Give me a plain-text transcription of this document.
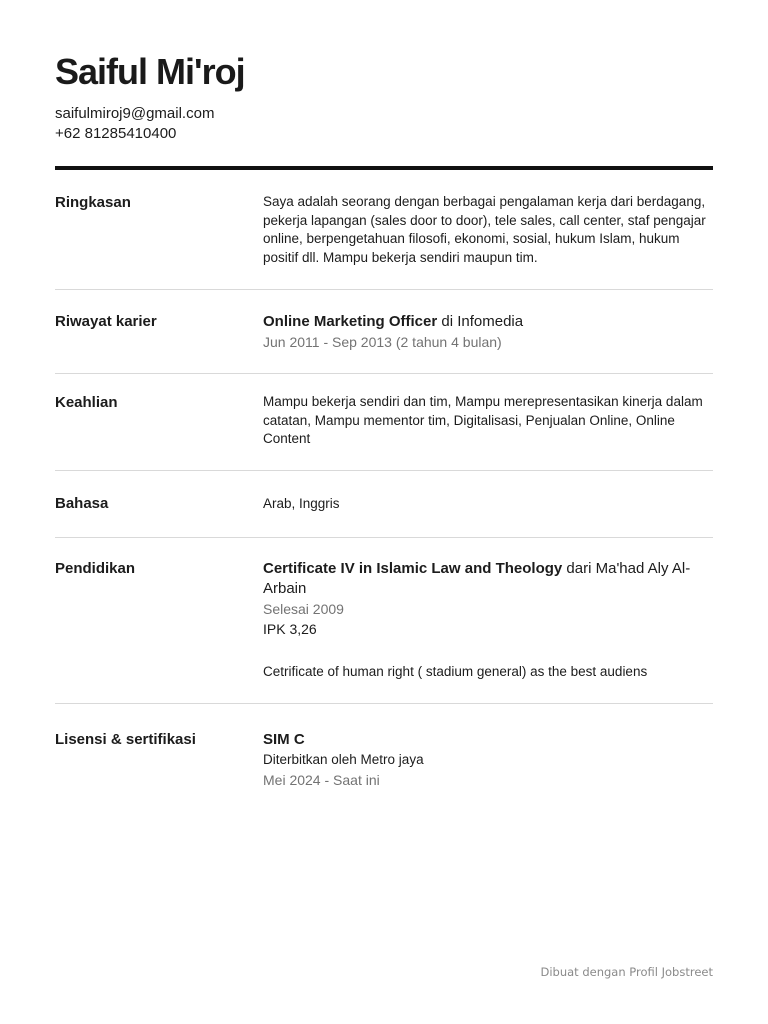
Saiful Mi'roj
saifulmiroj9@gmail.com
+62 81285410400
Ringkasan	Saya adalah seorang dengan berbagai pengalaman kerja dari berdagang, pekerja lapangan (sales door to door), tele sales, call center, staf pengajar online, berpengetahuan filosofi, ekonomi, sosial, hukum Islam, hukum positif dll. Mampu bekerja sendiri maupun tim.

Riwayat karier	Online Marketing Officer di Infomedia

Jun 2011 - Sep 2013 (2 tahun 4 bulan)

Keahlian	Mampu bekerja sendiri dan tim, Mampu merepresentasikan kinerja dalam catatan, Mampu mementor tim, Digitalisasi, Penjualan Online, Online Content

Bahasa	Arab, Inggris

Pendidikan	Certificate IV in Islamic Law and Theology dari Ma'had Aly Al-Arbain

Selesai 2009

IPK 3,26

Cetrificate of human right ( stadium general) as the best audiens

Lisensi & sertifikasi	SIM C

Diterbitkan oleh Metro jaya

Mei 2024 - Saat ini

Dibuat dengan Profil Jobstreet
